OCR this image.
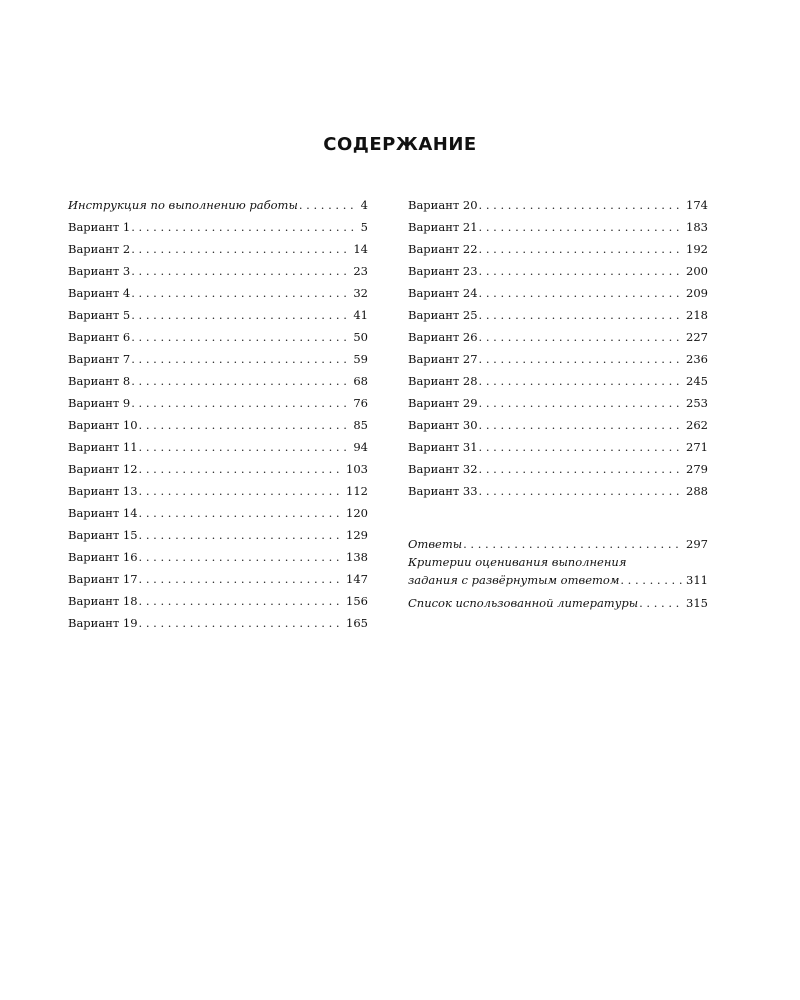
СОДЕРЖАНИЕ
Инструкция по выполнению работы . . .	4
Вариант 1 . . .	5
Вариант 2 . . .	14
Вариант 3 . . .	23
Вариант 4 . . .	32
Вариант 5 . . .	41
Вариант 6 . . .	50
Вариант 7 . . .	59
Вариант 8 . . .	68
Вариант 9 . . .	76
Вариант 10 . . .	85
Вариант 11 . . .	94
Вариант 12 . . .	103
Вариант 13 . . .	112
Вариант 14 . . .	120
Вариант 15 . . .	129
Вариант 16 . . .	138
Вариант 17 . . .	147
Вариант 18 . . .	156
Вариант 19 . . .	165
Вариант 20 . . .	174
Вариант 21 . . .	183
Вариант 22 . . .	192
Вариант 23 . . .	200
Вариант 24 . . .	209
Вариант 25 . . .	218
Вариант 26 . . .	227
Вариант 27 . . .	236
Вариант 28 . . .	245
Вариант 29 . . .	253
Вариант 30 . . .	262
Вариант 31 . . .	271
Вариант 32 . . .	279
Вариант 33 . . .	288
Ответы . . .	297
Критерии оценивания выполнения
задания с развёрнутым ответом . . .	311
Список использованной литературы . . .	315
